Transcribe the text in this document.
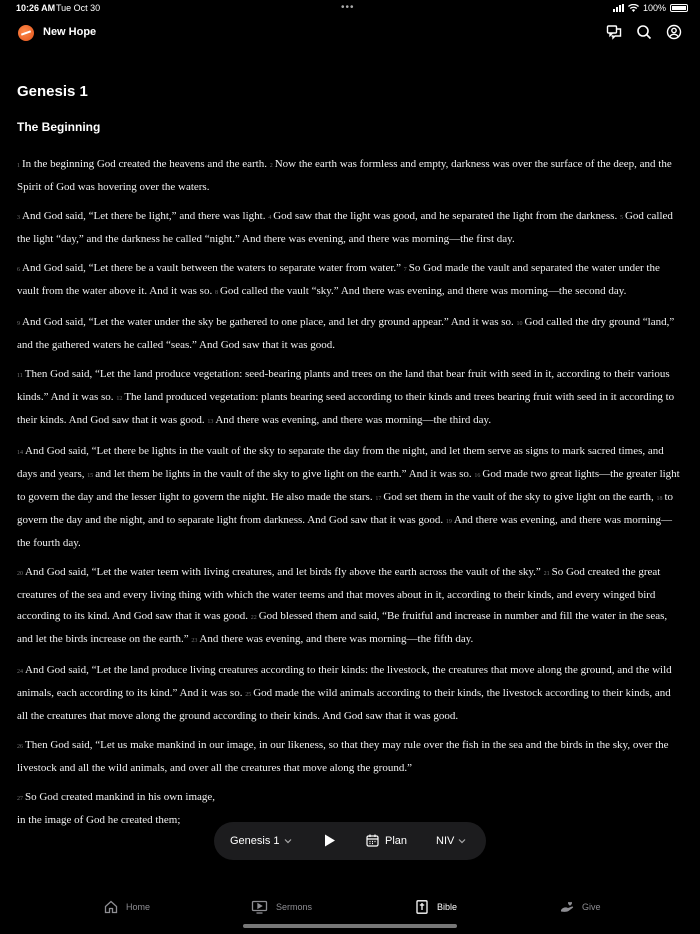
10:26 AM Tue Oct 30	•••	100%
New Hope
Genesis 1
The Beginning

1 In the beginning God created the heavens and the earth. 2 Now the earth was formless and empty, darkness was over the surface of the deep, and the Spirit of God was hovering over the waters.

3 And God said, “Let there be light,” and there was light. 4 God saw that the light was good, and he separated the light from the darkness. 5 God called the light “day,” and the darkness he called “night.” And there was evening, and there was morning—the first day.

6 And God said, “Let there be a vault between the waters to separate water from water.” 7 So God made the vault and separated the water under the vault from the water above it. And it was so. 8 God called the vault “sky.” And there was evening, and there was morning—the second day.

9 And God said, “Let the water under the sky be gathered to one place, and let dry ground appear.” And it was so. 10 God called the dry ground “land,” and the gathered waters he called “seas.” And God saw that it was good.

11 Then God said, “Let the land produce vegetation: seed-bearing plants and trees on the land that bear fruit with seed in it, according to their various kinds.” And it was so. 12 The land produced vegetation: plants bearing seed according to their kinds and trees bearing fruit with seed in it according to their kinds. And God saw that it was good. 13 And there was evening, and there was morning—the third day.

14 And God said, “Let there be lights in the vault of the sky to separate the day from the night, and let them serve as signs to mark sacred times, and days and years, 15 and let them be lights in the vault of the sky to give light on the earth.” And it was so. 16 God made two great lights—the greater light to govern the day and the lesser light to govern the night. He also made the stars. 17 God set them in the vault of the sky to give light on the earth, 18 to govern the day and the night, and to separate light from darkness. And God saw that it was good. 19 And there was evening, and there was morning—the fourth day.

20 And God said, “Let the water teem with living creatures, and let birds fly above the earth across the vault of the sky.” 21 So God created the great creatures of the sea and every living thing with which the water teems and that moves about in it, according to their kinds, and every winged bird according to its kind. And God saw that it was good. 22 God blessed them and said, “Be fruitful and increase in number and fill the water in the seas, and let the birds increase on the earth.” 23 And there was evening, and there was morning—the fifth day.

24 And God said, “Let the land produce living creatures according to their kinds: the livestock, the creatures that move along the ground, and the wild animals, each according to its kind.” And it was so. 25 God made the wild animals according to their kinds, the livestock according to their kinds, and all the creatures that move along the ground according to their kinds. And God saw that it was good.

26 Then God said, “Let us make mankind in our image, in our likeness, so that they may rule over the fish in the sea and the birds in the sky, over the livestock and all the wild animals, and over all the creatures that move along the ground.”

27 So God created mankind in his own image,
in the image of God he created them;

Genesis 1	Plan	NIV
Home	Sermons	Bible	Give
